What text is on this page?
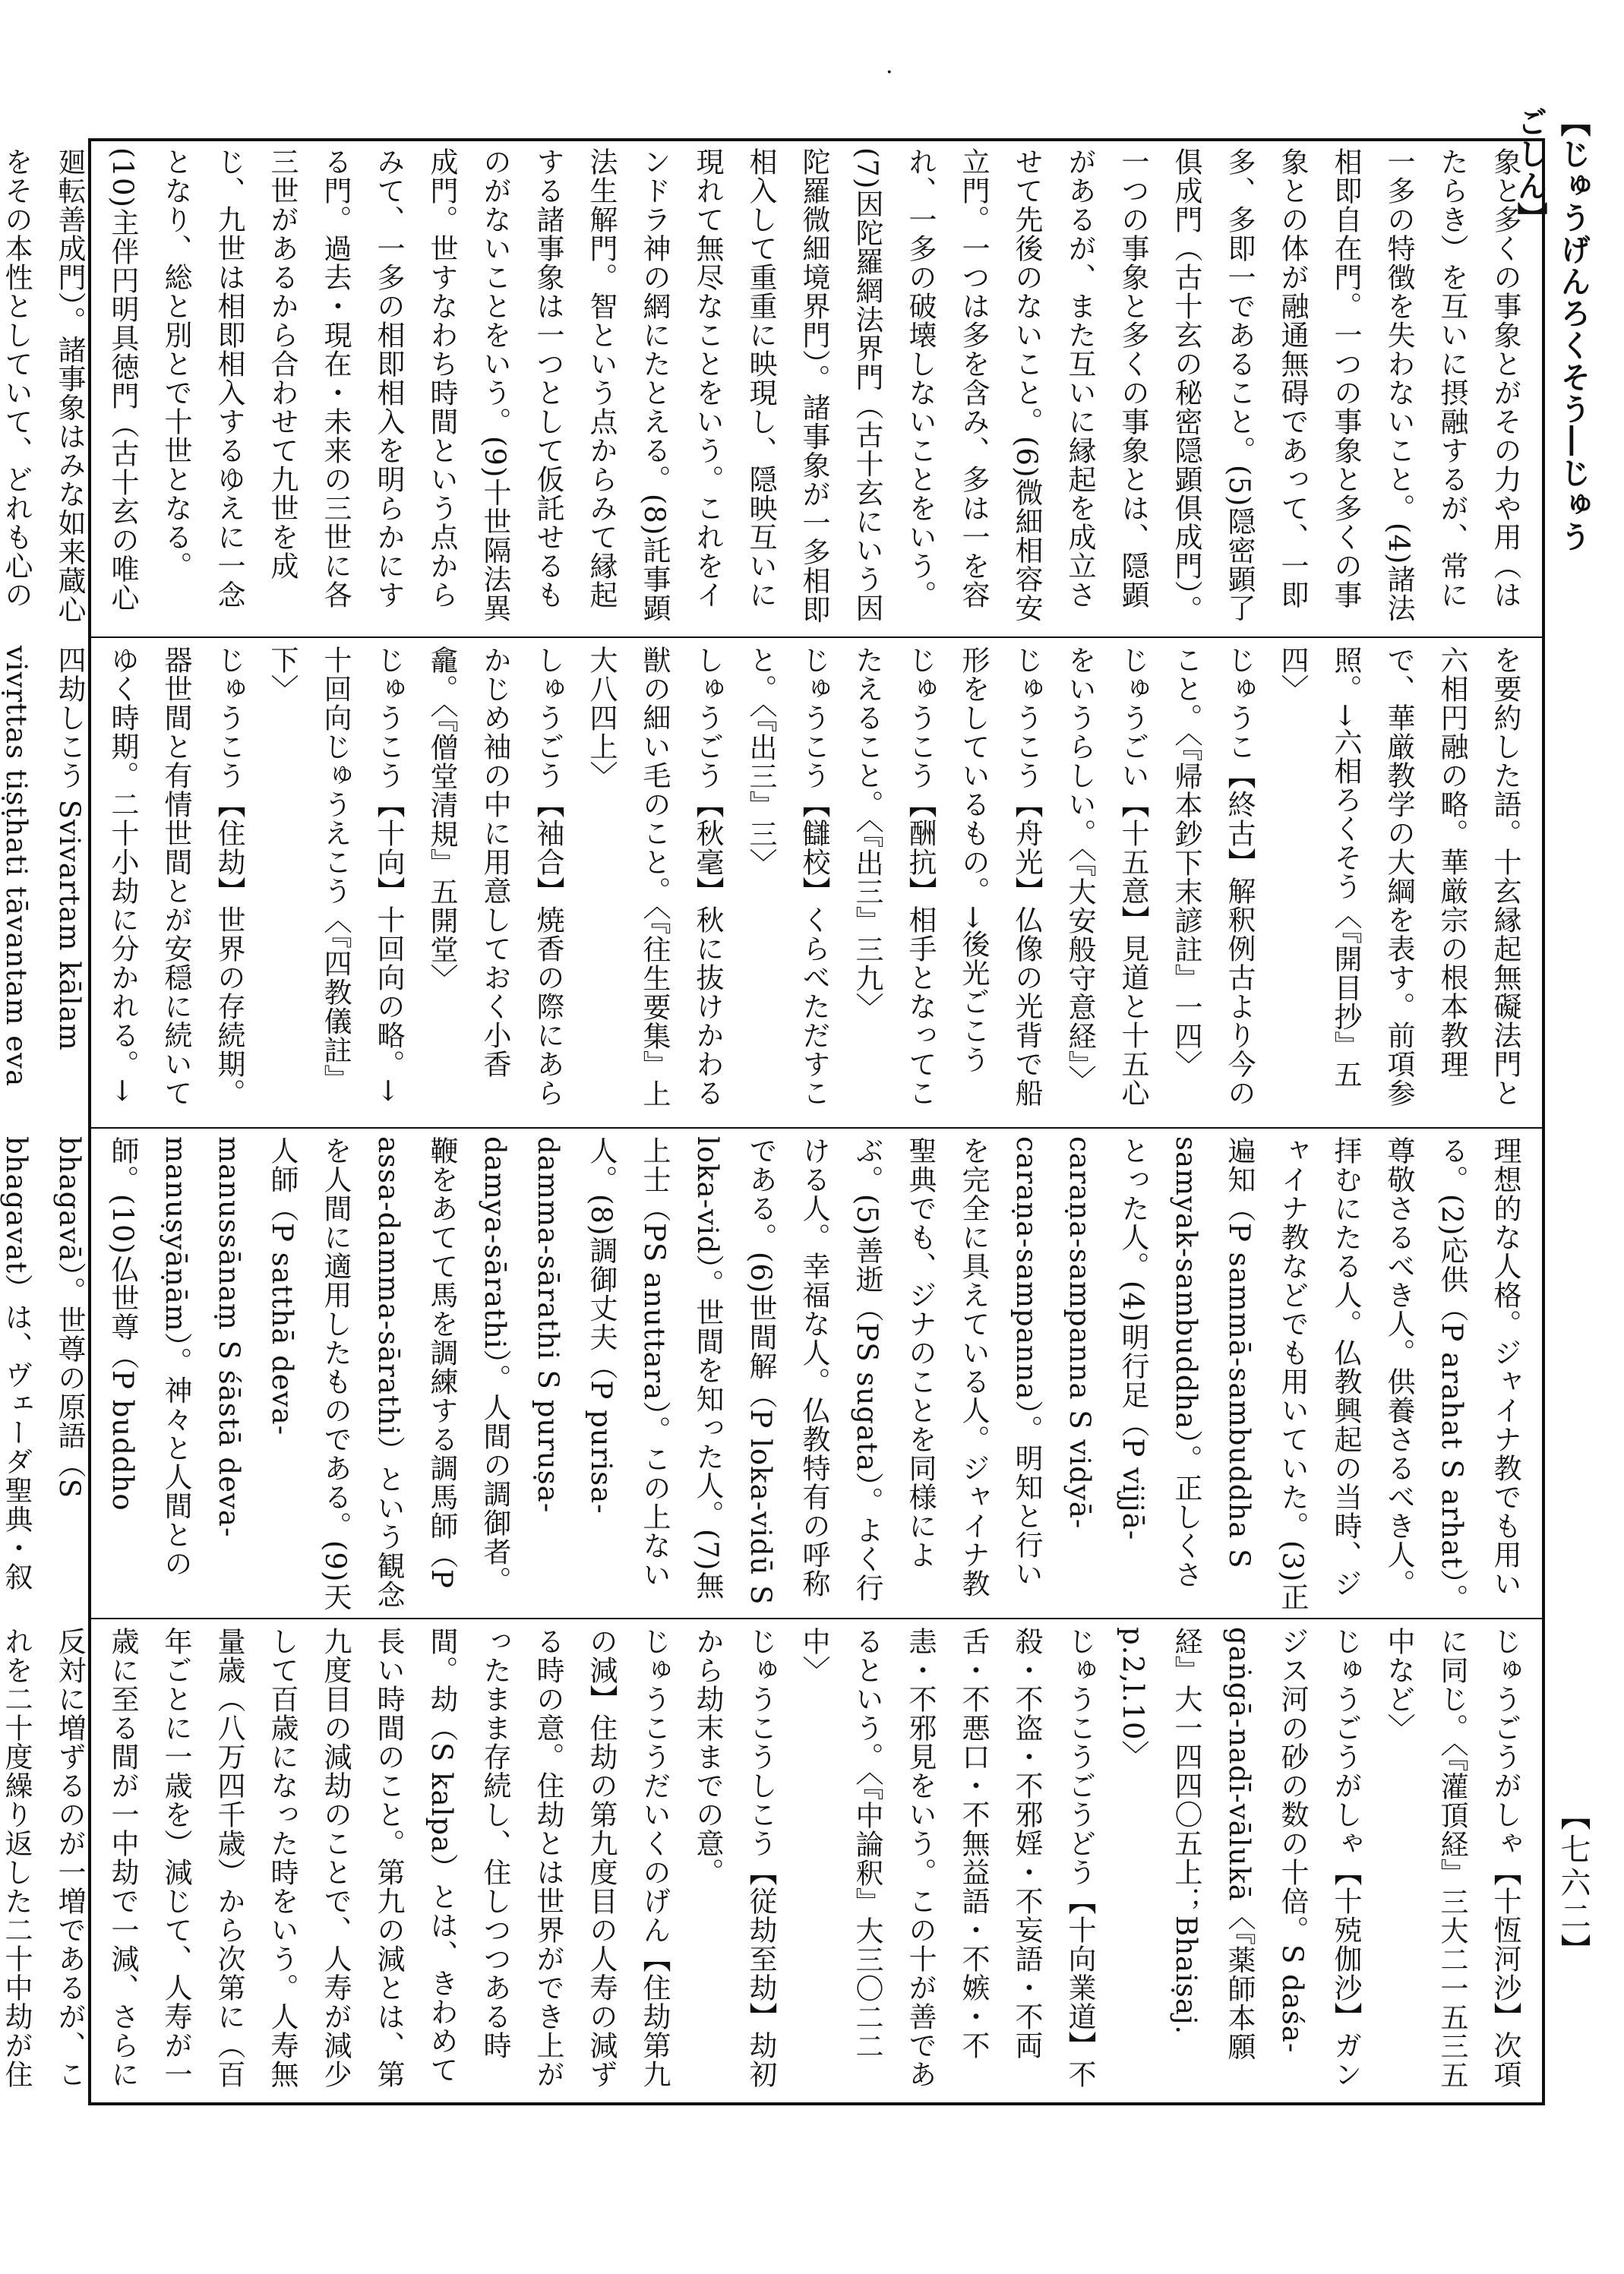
·
【じゅうげんろくそう―じゅうごしん】
【七六二】
象と多くの事象とがその力や用（はたらき）を互いに摂融するが、常に一多の特徴を失わないこと。(4)諸法相即自在門。一つの事象と多くの事象との体が融通無碍であって、一即多、多即一であること。(5)隠密顕了俱成門（古十玄の秘密隠顕俱成門）。一つの事象と多くの事象とは、隠顕があるが、また互いに縁起を成立させて先後のないこと。(6)微細相容安立門。一つは多を含み、多は一を容れ、一多の破壊しないことをいう。(7)因陀羅網法界門（古十玄にいう因陀羅微細境界門）。諸事象が一多相即相入して重重に映現し、隠映互いに現れて無尽なことをいう。これをインドラ神の網にたとえる。(8)託事顕法生解門。智という点からみて縁起する諸事象は一つとして仮託せるものがないことをいう。(9)十世隔法異成門。世すなわち時間という点からみて、一多の相即相入を明らかにする門。過去・現在・未来の三世に各三世があるから合わせて九世を成じ、九世は相即相入するゆえに一念となり、総と別とで十世となる。(10)主伴円明具徳門（古十玄の唯心廻転善成門）。諸事象はみな如来蔵心をその本性としていて、どれも心の

を要約した語。十玄縁起無礙法門と六相円融の略。華厳宗の根本教理で、華厳教学の大綱を表す。前項参照。→六相ろくそう〈『開目抄』五四〉
じゅうこ【終古】解釈例古より今のこと。〈『帰本鈔下末諺註』一四〉
じゅうごい【十五意】見道と十五心をいうらしい。〈『大安般守意経』〉
じゅうこう【舟光】仏像の光背で船形をしているもの。→後光ごこう
じゅうこう【酬抗】相手となってこたえること。〈『出三』三九〉
じゅうこう【讎校】くらべただすこと。〈『出三』三〉
しゅうごう【秋毫】秋に抜けかわる獣の細い毛のこと。〈『往生要集』上大八四上〉
しゅうごう【袖合】焼香の際にあらかじめ袖の中に用意しておく小香龕。〈『僧堂清規』五開堂〉
じゅうこう【十向】十回向の略。→十回向じゅうえこう〈『四教儀註』下〉
じゅうこう【住劫】世界の存続期。器世間と有情世間とが安穏に続いてゆく時期。二十小劫に分かれる。→四劫しこう Svivartam kālam vivṛttas tiṣṭhati tāvantam eva

理想的な人格。ジャイナ教でも用いる。(2)応供（P arahat S arhat）。尊敬さるべき人。供養さるべき人。拝むにたる人。仏教興起の当時、ジャイナ教などでも用いていた。(3)正遍知（P sammā-sambuddha S samyak-sambuddha）。正しくさとった人。(4)明行足（P vijjā-caraṇa-sampanna S vidyā-caraṇa-sampanna）。明知と行いを完全に具えている人。ジャイナ教聖典でも、ジナのことを同様によぶ。(5)善逝（PS sugata）。よく行ける人。幸福な人。仏教特有の呼称である。(6)世間解（P loka-vidū S loka-vid）。世間を知った人。(7)無上士（PS anuttara）。この上ない人。(8)調御丈夫（P purisa-damma-sārathi S puruṣa-damya-sārathi）。人間の調御者。鞭をあてて馬を調練する調馬師（P assa-damma-sārathi）という観念を人間に適用したものである。(9)天人師（P satthā deva-manussānaṃ S śāstā deva-manuṣyāṇām）。神々と人間との師。(10)仏世尊（P buddho bhagavā）。世尊の原語（S bhagavat）は、ヴェーダ聖典・叙
じゅうごうがしゃ【十恆河沙】次項に同じ。〈『灌頂経』三大二一五三五中など〉
じゅうごうがしゃ【十殑伽沙】ガンジス河の砂の数の十倍。S daśa-gaṅgā-nadī-vālukā〈『薬師本願経』大一四四〇五上；Bhaiṣaj. p.2,l.10〉
じゅうこうごうどう【十向業道】不殺・不盗・不邪婬・不妄語・不両舌・不悪口・不無益語・不嫉・不恚・不邪見をいう。この十が善であるという。〈『中論釈』大三〇二二中〉
じゅうこうしこう【従劫至劫】劫初から劫末までの意。
じゅうこうだいくのげん【住劫第九の減】住劫の第九度目の人寿の減ずる時の意。住劫とは世界ができ上がったまま存続し、住しつつある時間。劫（S kalpa）とは、きわめて長い時間のこと。第九の減とは、第九度目の減劫のことで、人寿が減少して百歳になった時をいう。人寿無量歳（八万四千歳）から次第に（百年ごとに一歳を）減じて、人寿が一歳に至る間が一中劫で一減、さらに反対に増ずるのが一増であるが、これを二十度繰り返した二十中劫が住
